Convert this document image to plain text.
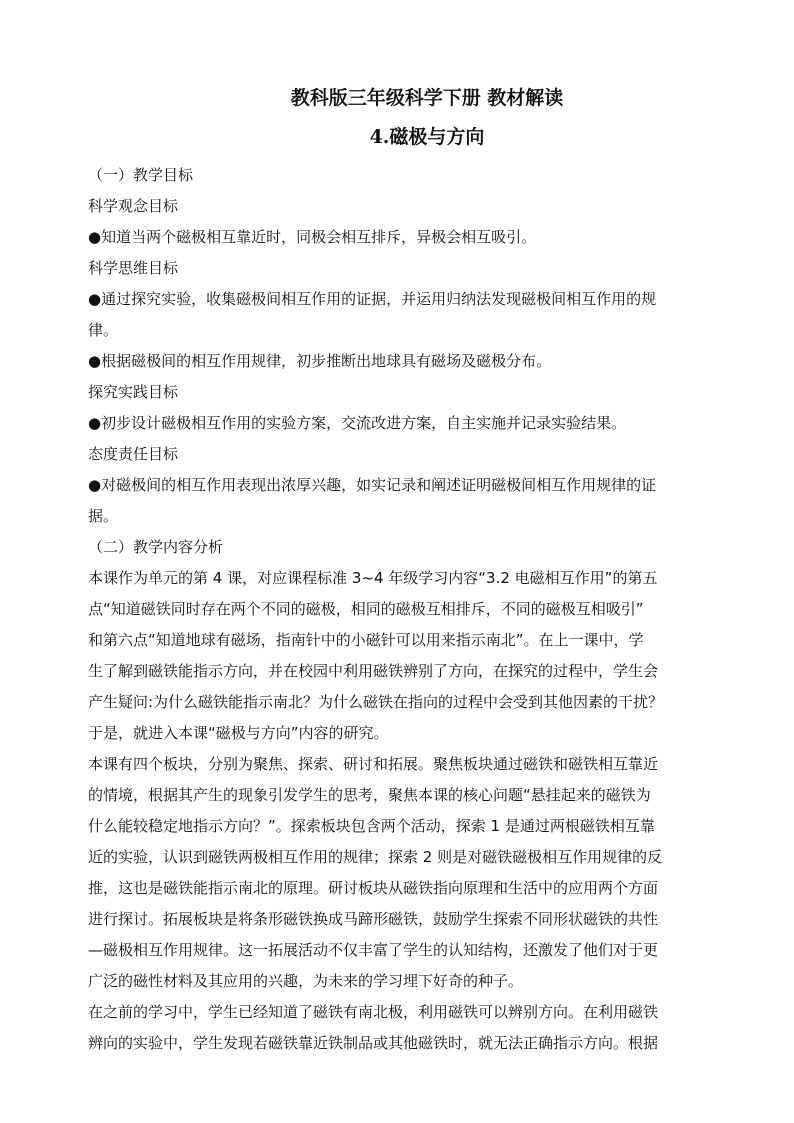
教科版三年级科学下册 教材解读
4.磁极与方向
（一）教学目标
科学观念目标
●知道当两个磁极相互靠近时，同极会相互排斥，异极会相互吸引。
科学思维目标
●通过探究实验，收集磁极间相互作用的证据，并运用归纳法发现磁极间相互作用的规
律。
●根据磁极间的相互作用规律，初步推断出地球具有磁场及磁极分布。
探究实践目标
●初步设计磁极相互作用的实验方案，交流改进方案，自主实施并记录实验结果。
态度责任目标
●对磁极间的相互作用表现出浓厚兴趣，如实记录和阐述证明磁极间相互作用规律的证
据。
（二）教学内容分析
本课作为单元的第 4 课，对应课程标准 3~4 年级学习内容“3.2 电磁相互作用”的第五
点“知道磁铁同时存在两个不同的磁极，相同的磁极互相排斥，不同的磁极互相吸引”
和第六点“知道地球有磁场，指南针中的小磁针可以用来指示南北”。在上一课中，学
生了解到磁铁能指示方向，并在校园中利用磁铁辨别了方向，在探究的过程中，学生会
产生疑问:为什么磁铁能指示南北？为什么磁铁在指向的过程中会受到其他因素的干扰？
于是，就进入本课“磁极与方向”内容的研究。
本课有四个板块，分别为聚焦、探索、研讨和拓展。聚焦板块通过磁铁和磁铁相互靠近
的情境，根据其产生的现象引发学生的思考，聚焦本课的核心问题“悬挂起来的磁铁为
什么能较稳定地指示方向？”。探索板块包含两个活动，探索 1 是通过两根磁铁相互靠
近的实验，认识到磁铁两极相互作用的规律；探索 2 则是对磁铁磁极相互作用规律的反
推，这也是磁铁能指示南北的原理。研讨板块从磁铁指向原理和生活中的应用两个方面
进行探讨。拓展板块是将条形磁铁换成马蹄形磁铁，鼓励学生探索不同形状磁铁的共性
—磁极相互作用规律。这一拓展活动不仅丰富了学生的认知结构，还激发了他们对于更
广泛的磁性材料及其应用的兴趣，为未来的学习埋下好奇的种子。
在之前的学习中，学生已经知道了磁铁有南北极，利用磁铁可以辨别方向。在利用磁铁
辨向的实验中，学生发现若磁铁靠近铁制品或其他磁铁时，就无法正确指示方向。根据
